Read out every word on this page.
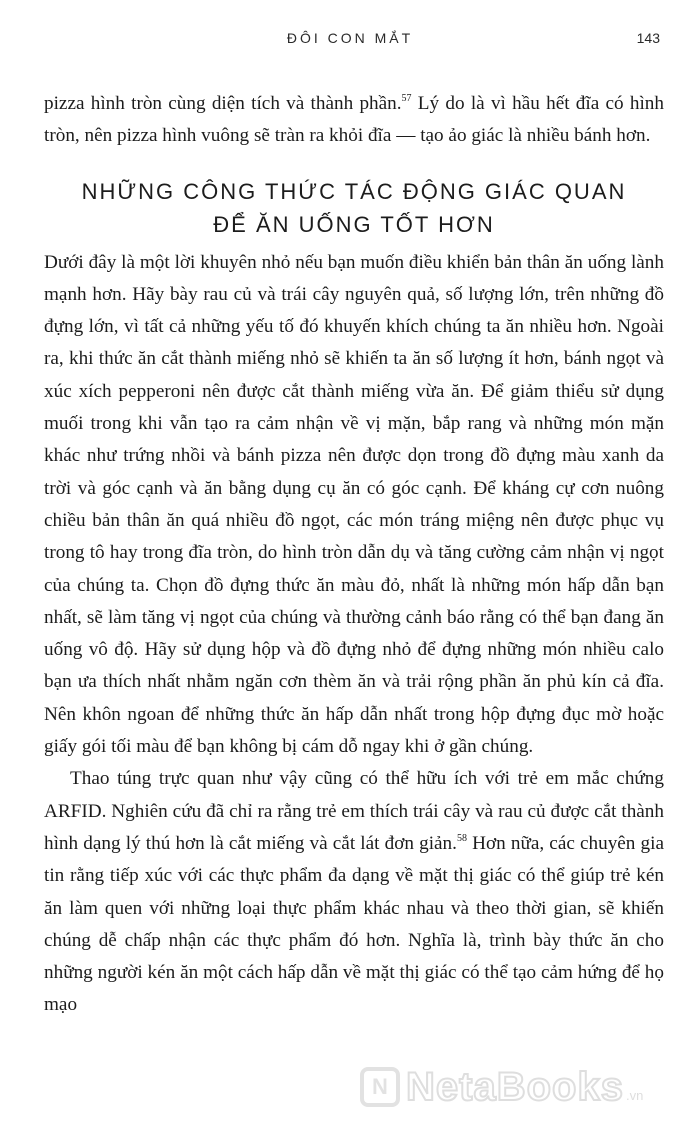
ĐÔI CON MẮT	143

pizza hình tròn cùng diện tích và thành phần.$^{57}$ Lý do là vì hầu hết đĩa có hình tròn, nên pizza hình vuông sẽ tràn ra khỏi đĩa — tạo ảo giác là nhiều bánh hơn.

NHỮNG CÔNG THỨC TÁC ĐỘNG GIÁC QUAN
ĐỂ ĂN UỐNG TỐT HƠN

Dưới đây là một lời khuyên nhỏ nếu bạn muốn điều khiển bản thân ăn uống lành mạnh hơn. Hãy bày rau củ và trái cây nguyên quả, số lượng lớn, trên những đồ đựng lớn, vì tất cả những yếu tố đó khuyến khích chúng ta ăn nhiều hơn. Ngoài ra, khi thức ăn cắt thành miếng nhỏ sẽ khiến ta ăn số lượng ít hơn, bánh ngọt và xúc xích pepperoni nên được cắt thành miếng vừa ăn. Để giảm thiểu sử dụng muối trong khi vẫn tạo ra cảm nhận về vị mặn, bắp rang và những món mặn khác như trứng nhồi và bánh pizza nên được dọn trong đồ đựng màu xanh da trời và góc cạnh và ăn bằng dụng cụ ăn có góc cạnh. Để kháng cự cơn nuông chiều bản thân ăn quá nhiều đồ ngọt, các món tráng miệng nên được phục vụ trong tô hay trong đĩa tròn, do hình tròn dẫn dụ và tăng cường cảm nhận vị ngọt của chúng ta. Chọn đồ đựng thức ăn màu đỏ, nhất là những món hấp dẫn bạn nhất, sẽ làm tăng vị ngọt của chúng và thường cảnh báo rằng có thể bạn đang ăn uống vô độ. Hãy sử dụng hộp và đồ đựng nhỏ để đựng những món nhiều calo bạn ưa thích nhất nhằm ngăn cơn thèm ăn và trải rộng phần ăn phủ kín cả đĩa. Nên khôn ngoan để những thức ăn hấp dẫn nhất trong hộp đựng đục mờ hoặc giấy gói tối màu để bạn không bị cám dỗ ngay khi ở gần chúng.

Thao túng trực quan như vậy cũng có thể hữu ích với trẻ em mắc chứng ARFID. Nghiên cứu đã chỉ ra rằng trẻ em thích trái cây và rau củ được cắt thành hình dạng lý thú hơn là cắt miếng và cắt lát đơn giản.$^{58}$ Hơn nữa, các chuyên gia tin rằng tiếp xúc với các thực phẩm đa dạng về mặt thị giác có thể giúp trẻ kén ăn làm quen với những loại thực phẩm khác nhau và theo thời gian, sẽ khiến chúng dễ chấp nhận các thực phẩm đó hơn. Nghĩa là, trình bày thức ăn cho những người kén ăn một cách hấp dẫn về mặt thị giác có thể tạo cảm hứng để họ mạo

N NetaBooks .vn
